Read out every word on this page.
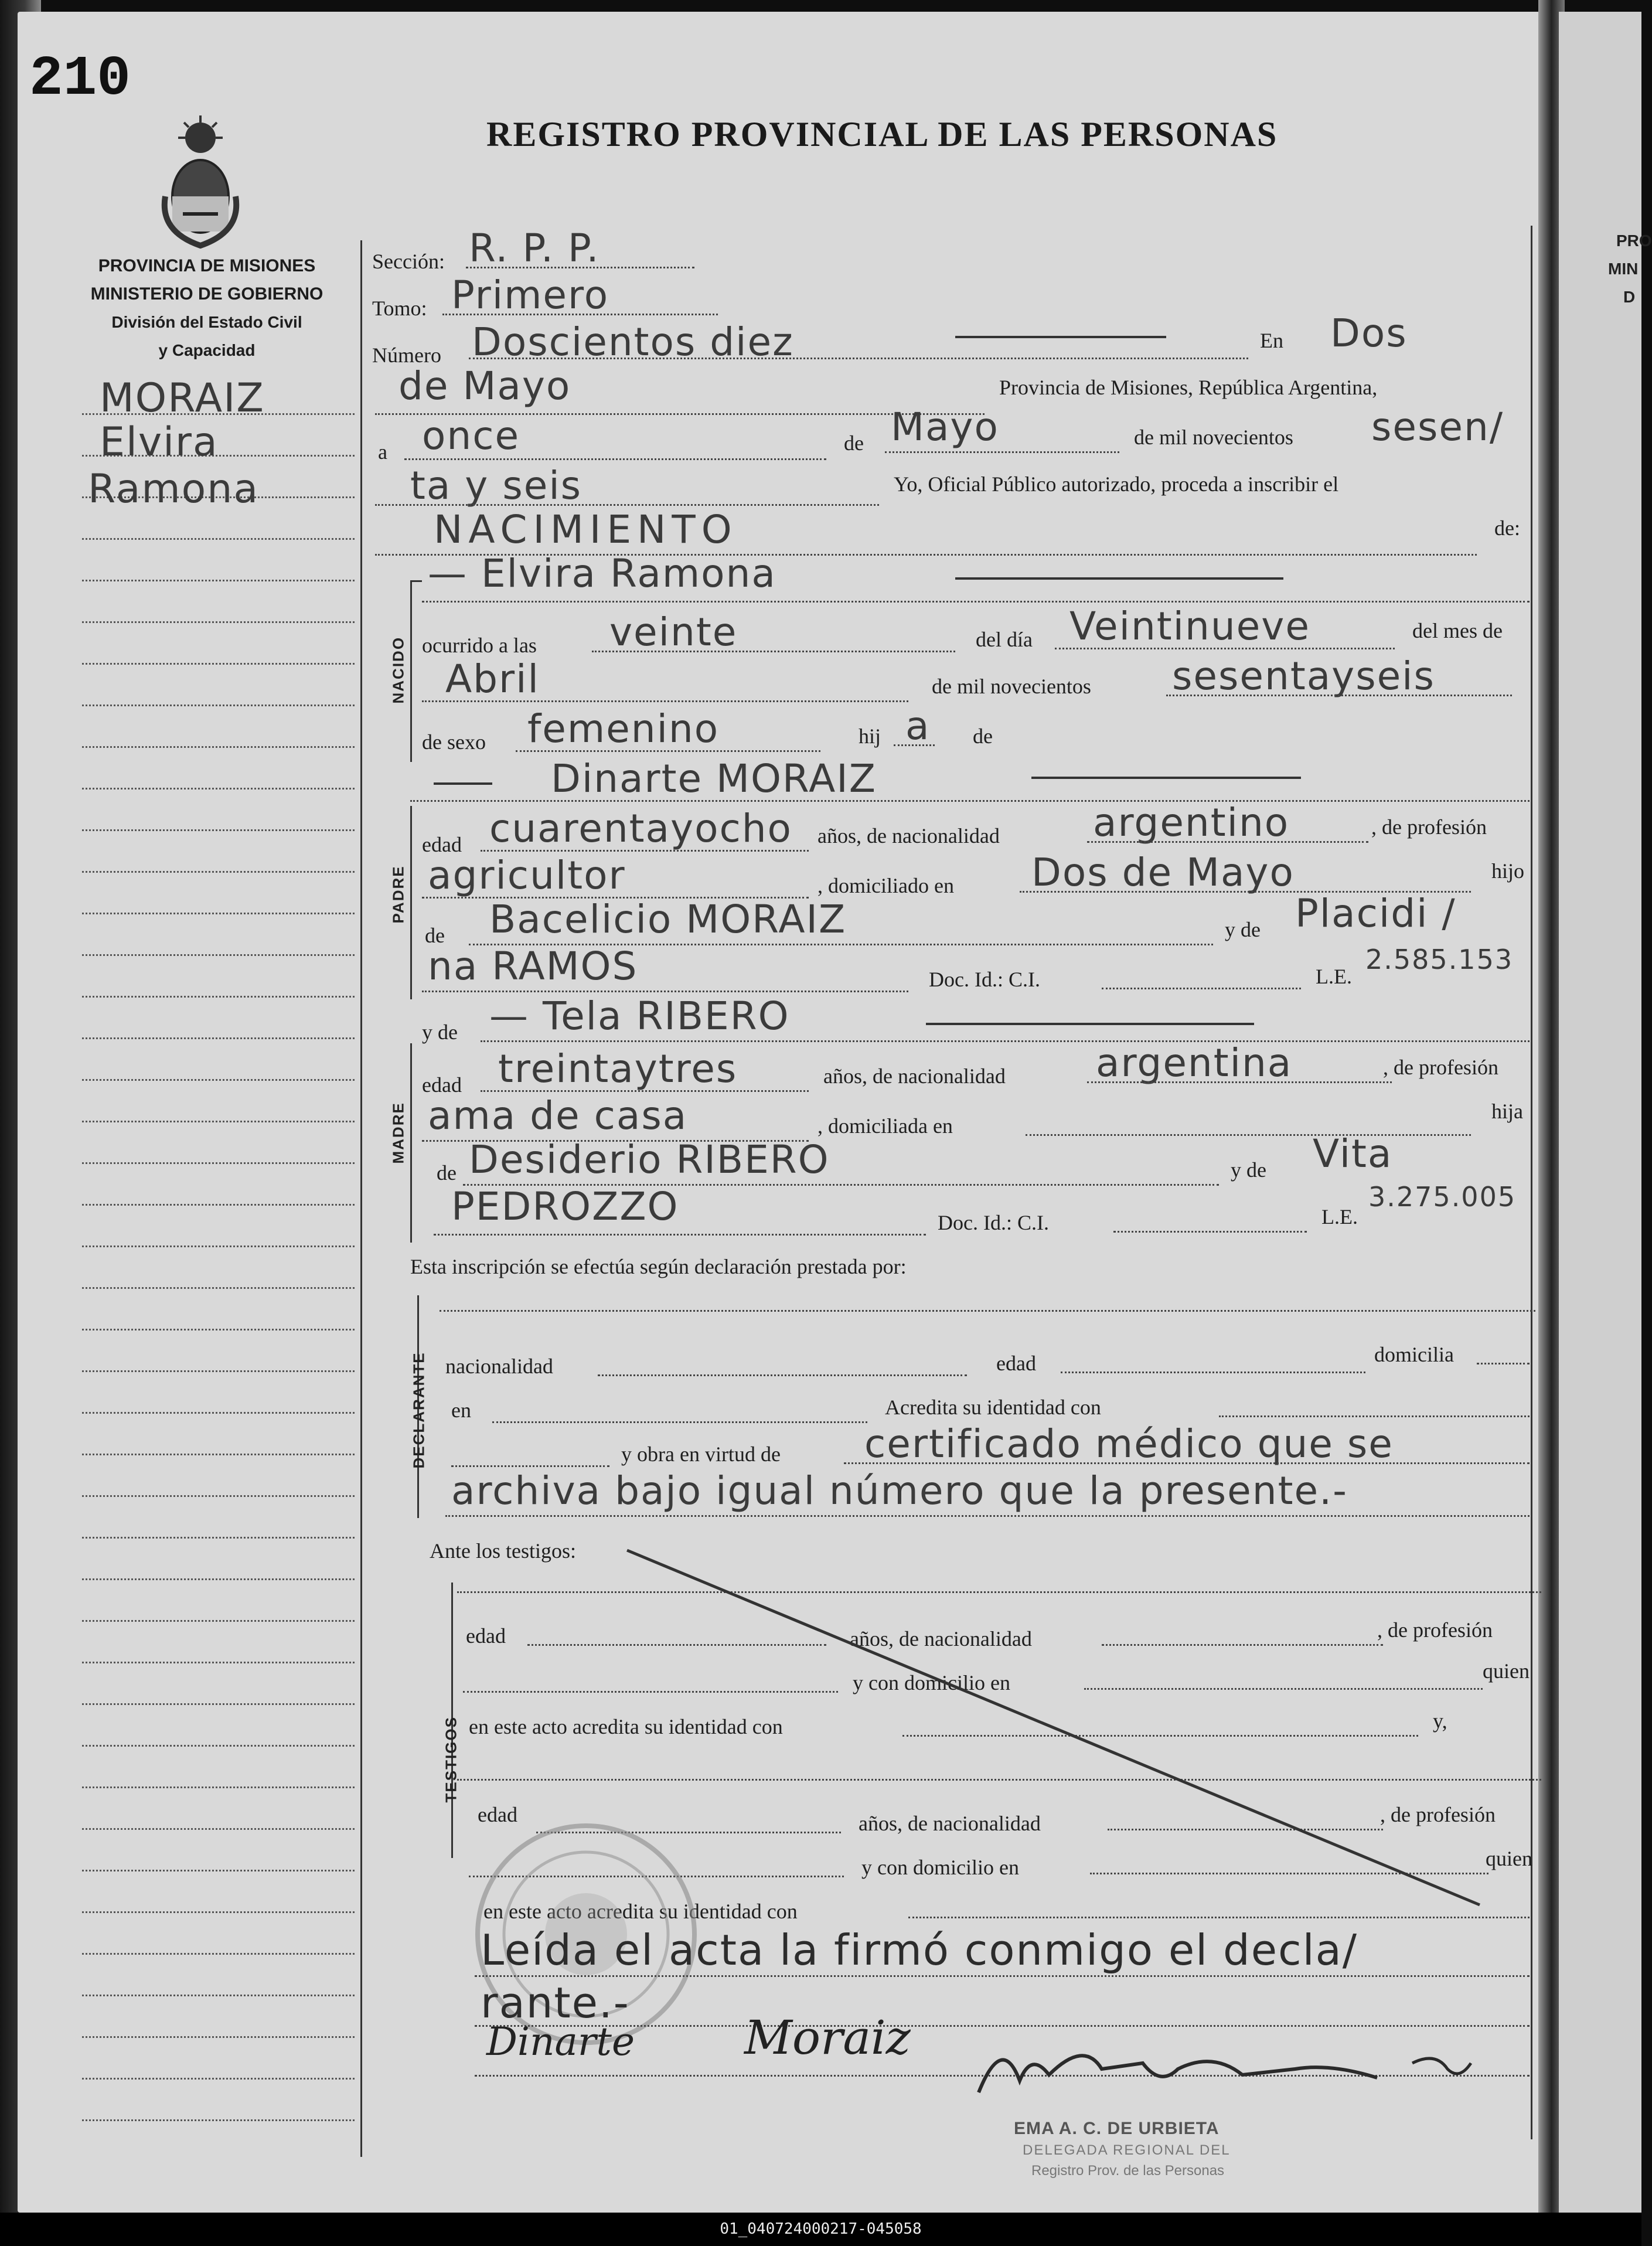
PRO
MIN
D
210
REGISTRO PROVINCIAL DE LAS PERSONAS
PROVINCIA DE MISIONES
MINISTERIO DE GOBIERNO
División del Estado Civil
y Capacidad
MORAIZ
Elvira
Ramona
Sección: R. P. P.
Tomo: Primero
Número Doscientos diez	En Dos
de Mayo	Provincia de Misiones, República Argentina,
a once	de Mayo	de mil novecientos sesen/
ta y seis	Yo, Oficial Público autorizado, proceda a inscribir el
NACIMIENTO	de:
NACIDO
— Elvira Ramona
ocurrido a las veinte	del día Veintinueve	del mes de
Abril	de mil novecientos sesentayseis
de sexo femenino	hij a de
Dinarte MORAIZ
PADRE
edad cuarentayocho años, de nacionalidad argentino	, de profesión
agricultor	, domiciliado en Dos de Mayo	hijo
de Bacelicio MORAIZ	y de Placidi /
na RAMOS	Doc. Id.: C.I.	L.E.
2.585.153
y de — Tela RIBERO
MADRE
edad treintaytres	años, de nacionalidad argentina	, de profesión
ama de casa	, domiciliada en
hija
de Desiderio RIBERO	y de Vita
PEDROZZO	Doc. Id.: C.I.	L.E.
3.275.005
Esta inscripción se efectúa según declaración prestada por:
DECLARANTE nacionalidad	edad	domicilia
en	Acredita su identidad con
y obra en virtud de certificado médico que se
archiva bajo igual número que la presente.-
Ante los testigos:
TESTIGOS
edad	años, de nacionalidad	, de profesión
y con domicilio en	quien
en este acto acredita su identidad con	y,
edad	años, de nacionalidad	, de profesión
y con domicilio en	quien
en este acto acredita su identidad con
Leída el acta la firmó conmigo el decla/
rante.-
Dinarte Moraiz
EMA A. C. DE URBIETA
DELEGADA REGIONAL DEL
Registro Prov. de las Personas
01_040724000217-045058
